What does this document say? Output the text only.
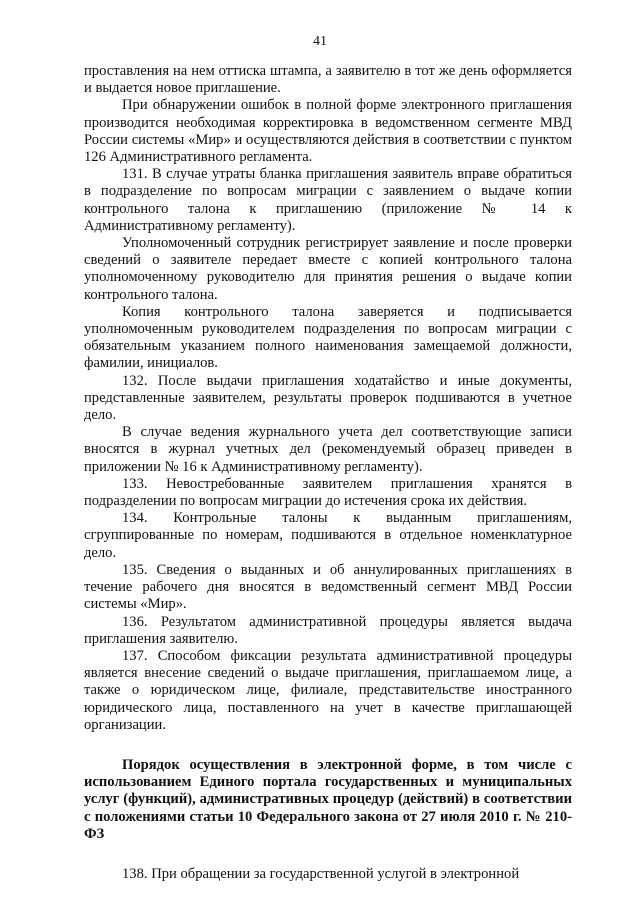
41

проставления на нем оттиска штампа, а заявителю в тот же день оформляется и выдается новое приглашение.

При обнаружении ошибок в полной форме электронного приглашения производится необходимая корректировка в ведомственном сегменте МВД России системы «Мир» и осуществляются действия в соответствии с пунктом 126 Административного регламента.

131. В случае утраты бланка приглашения заявитель вправе обратиться в подразделение по вопросам миграции с заявлением о выдаче копии контрольного талона к приглашению (приложение № 14 к Административному регламенту).

Уполномоченный сотрудник регистрирует заявление и после проверки сведений о заявителе передает вместе с копией контрольного талона уполномоченному руководителю для принятия решения о выдаче копии контрольного талона.

Копия контрольного талона заверяется и подписывается уполномоченным руководителем подразделения по вопросам миграции с обязательным указанием полного наименования замещаемой должности, фамилии, инициалов.

132. После выдачи приглашения ходатайство и иные документы, представленные заявителем, результаты проверок подшиваются в учетное дело.

В случае ведения журнального учета дел соответствующие записи вносятся в журнал учетных дел (рекомендуемый образец приведен в приложении № 16 к Административному регламенту).

133. Невостребованные заявителем приглашения хранятся в подразделении по вопросам миграции до истечения срока их действия.

134. Контрольные талоны к выданным приглашениям, сгруппированные по номерам, подшиваются в отдельное номенклатурное дело.

135. Сведения о выданных и об аннулированных приглашениях в течение рабочего дня вносятся в ведомственный сегмент МВД России системы «Мир».

136. Результатом административной процедуры является выдача приглашения заявителю.

137. Способом фиксации результата административной процедуры является внесение сведений о выдаче приглашения, приглашаемом лице, а также о юридическом лице, филиале, представительстве иностранного юридического лица, поставленного на учет в качестве приглашающей организации.

Порядок осуществления в электронной форме, в том числе с использованием Единого портала государственных и муниципальных услуг (функций), административных процедур (действий) в соответствии с положениями статьи 10 Федерального закона от 27 июля 2010 г. № 210-ФЗ

138. При обращении за государственной услугой в электронной
